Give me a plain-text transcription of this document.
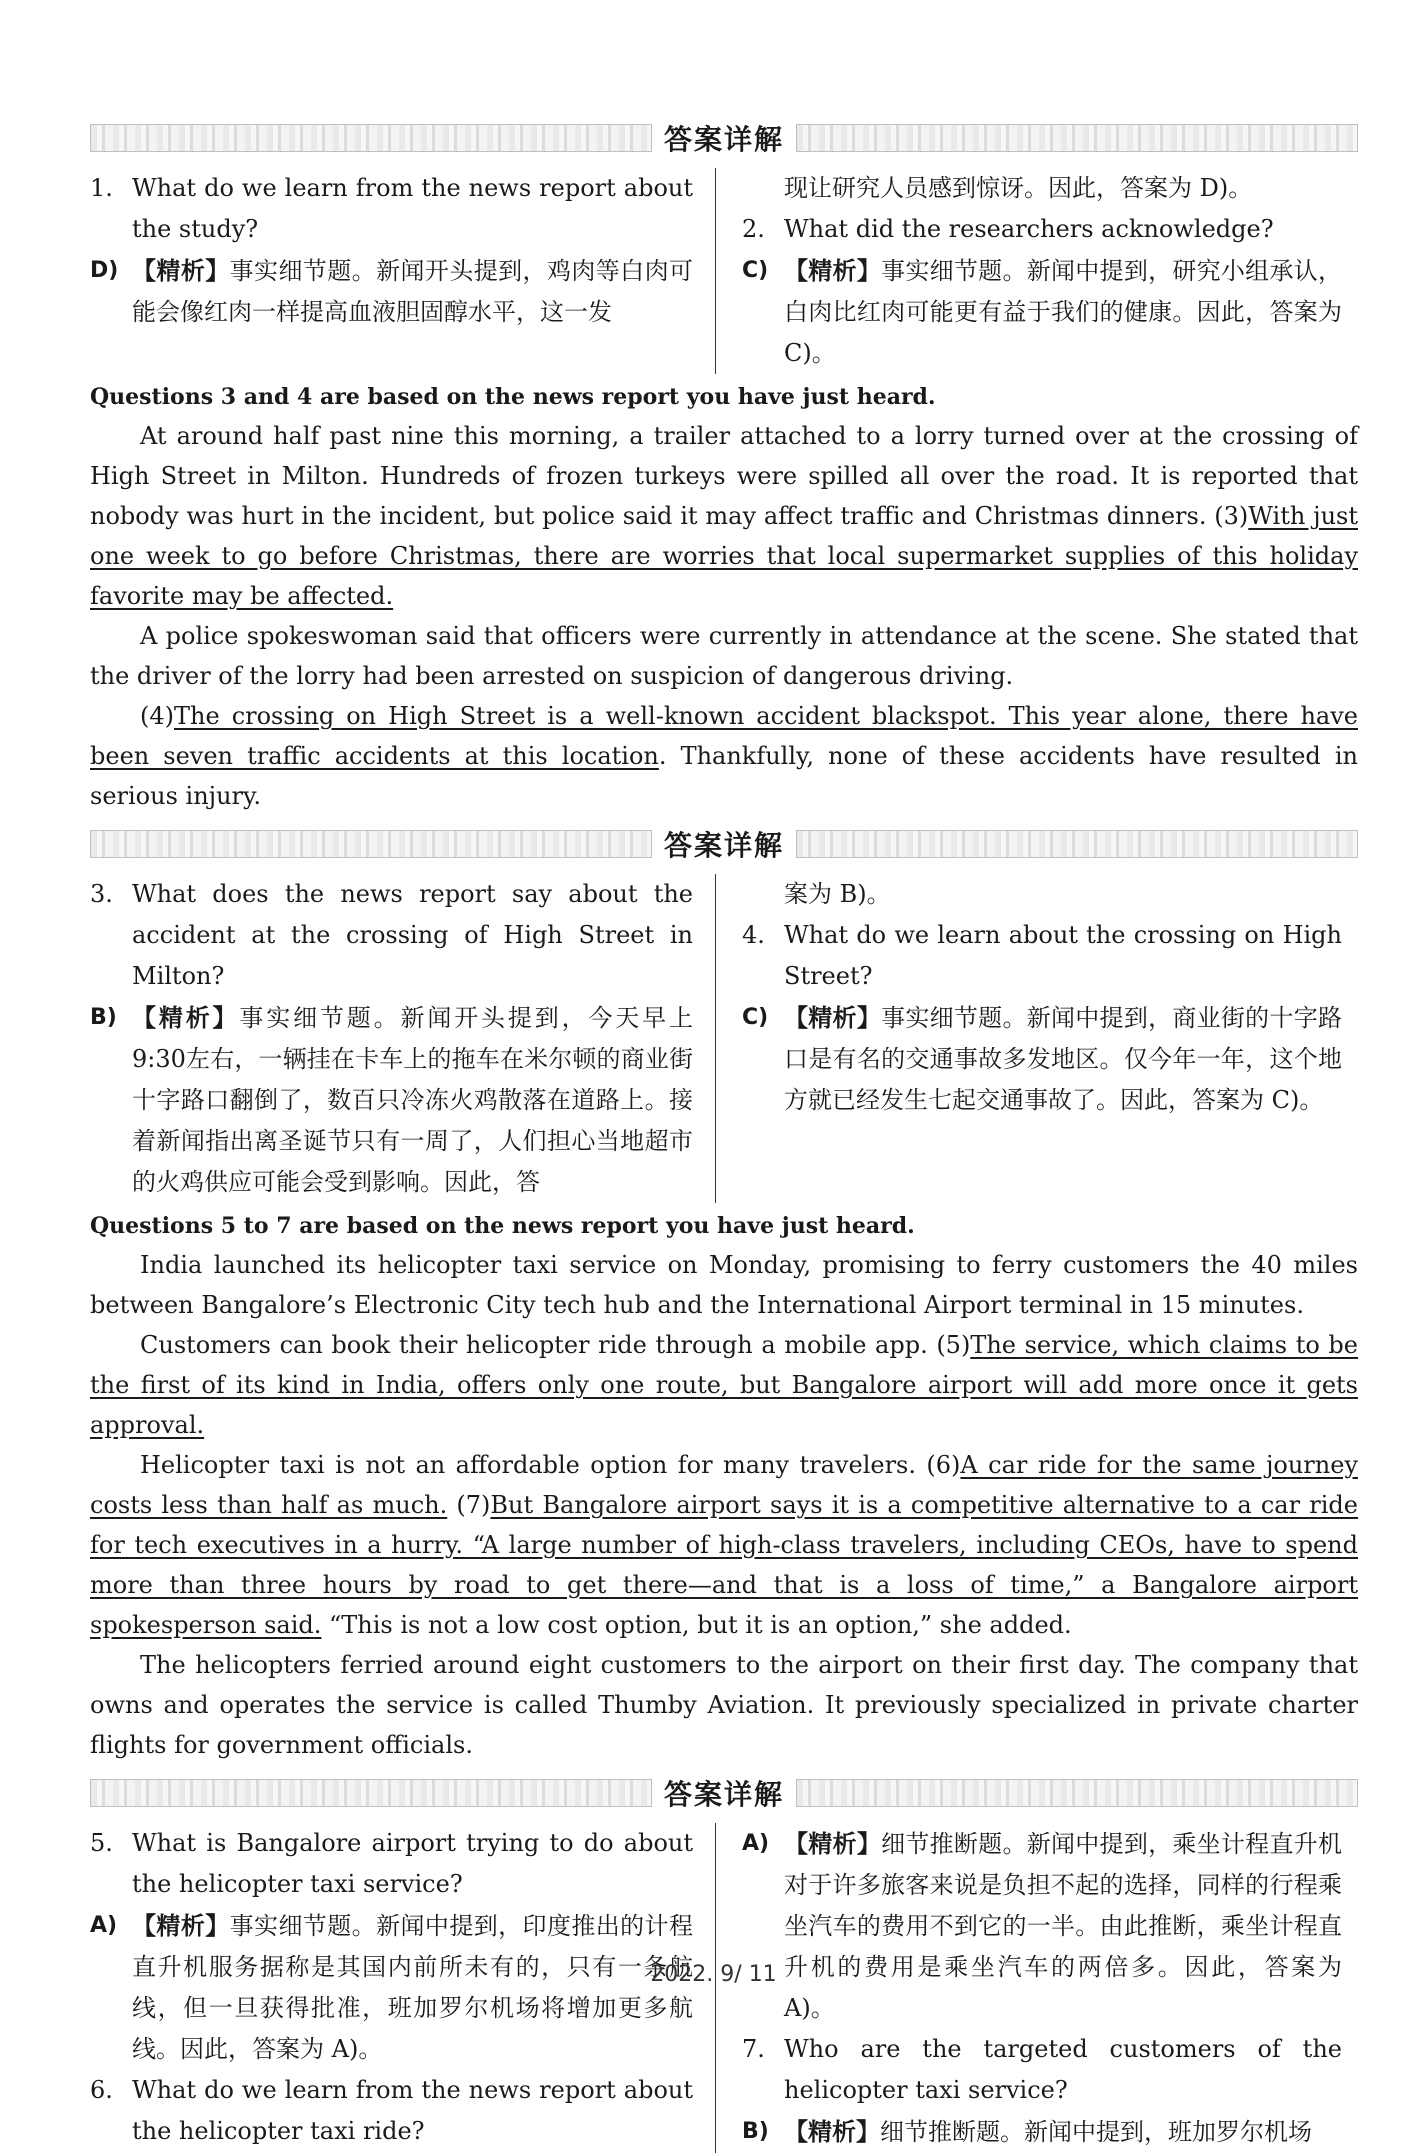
答案详解
1. What do we learn from the news report about the study?
D) 【精析】事实细节题。新闻开头提到，鸡肉等白肉可能会像红肉一样提高血液胆固醇水平，这一发
现让研究人员感到惊讶。因此，答案为 D)。
2. What did the researchers acknowledge?
C) 【精析】事实细节题。新闻中提到，研究小组承认，白肉比红肉可能更有益于我们的健康。因此，答案为 C)。
Questions 3 and 4 are based on the news report you have just heard.

At around half past nine this morning, a trailer attached to a lorry turned over at the crossing of High Street in Milton. Hundreds of frozen turkeys were spilled all over the road. It is reported that nobody was hurt in the incident, but police said it may affect traffic and Christmas dinners. (3)With just one week to go before Christmas, there are worries that local supermarket supplies of this holiday favorite may be affected.

A police spokeswoman said that officers were currently in attendance at the scene. She stated that the driver of the lorry had been arrested on suspicion of dangerous driving.

(4)The crossing on High Street is a well-known accident blackspot. This year alone, there have been seven traffic accidents at this location. Thankfully, none of these accidents have resulted in serious injury.

答案详解
3. What does the news report say about the accident at the crossing of High Street in Milton?
B) 【精析】事实细节题。新闻开头提到，今天早上 9:30左右，一辆挂在卡车上的拖车在米尔顿的商业街十字路口翻倒了，数百只冷冻火鸡散落在道路上。接着新闻指出离圣诞节只有一周了，人们担心当地超市的火鸡供应可能会受到影响。因此，答
案为 B)。
4. What do we learn about the crossing on High Street?
C) 【精析】事实细节题。新闻中提到，商业街的十字路口是有名的交通事故多发地区。仅今年一年，这个地方就已经发生七起交通事故了。因此，答案为 C)。
Questions 5 to 7 are based on the news report you have just heard.

India launched its helicopter taxi service on Monday, promising to ferry customers the 40 miles between Bangalore’s Electronic City tech hub and the International Airport terminal in 15 minutes.

Customers can book their helicopter ride through a mobile app. (5)The service, which claims to be the first of its kind in India, offers only one route, but Bangalore airport will add more once it gets approval.

Helicopter taxi is not an affordable option for many travelers. (6)A car ride for the same journey costs less than half as much. (7)But Bangalore airport says it is a competitive alternative to a car ride for tech executives in a hurry. “A large number of high-class travelers, including CEOs, have to spend more than three hours by road to get there—and that is a loss of time,” a Bangalore airport spokesperson said. “This is not a low cost option, but it is an option,” she added.

The helicopters ferried around eight customers to the airport on their first day. The company that owns and operates the service is called Thumby Aviation. It previously specialized in private charter flights for government officials.

答案详解
5. What is Bangalore airport trying to do about the helicopter taxi service?
A) 【精析】事实细节题。新闻中提到，印度推出的计程直升机服务据称是其国内前所未有的，只有一条航线，但一旦获得批准，班加罗尔机场将增加更多航线。因此，答案为 A)。
6. What do we learn from the news report about the helicopter taxi ride?
A) 【精析】细节推断题。新闻中提到，乘坐计程直升机对于许多旅客来说是负担不起的选择，同样的行程乘坐汽车的费用不到它的一半。由此推断，乘坐计程直升机的费用是乘坐汽车的两倍多。因此，答案为 A)。
7. Who are the targeted customers of the helicopter taxi service?
B) 【精析】细节推断题。新闻中提到，班加罗尔机场
2022. 9/ 11
